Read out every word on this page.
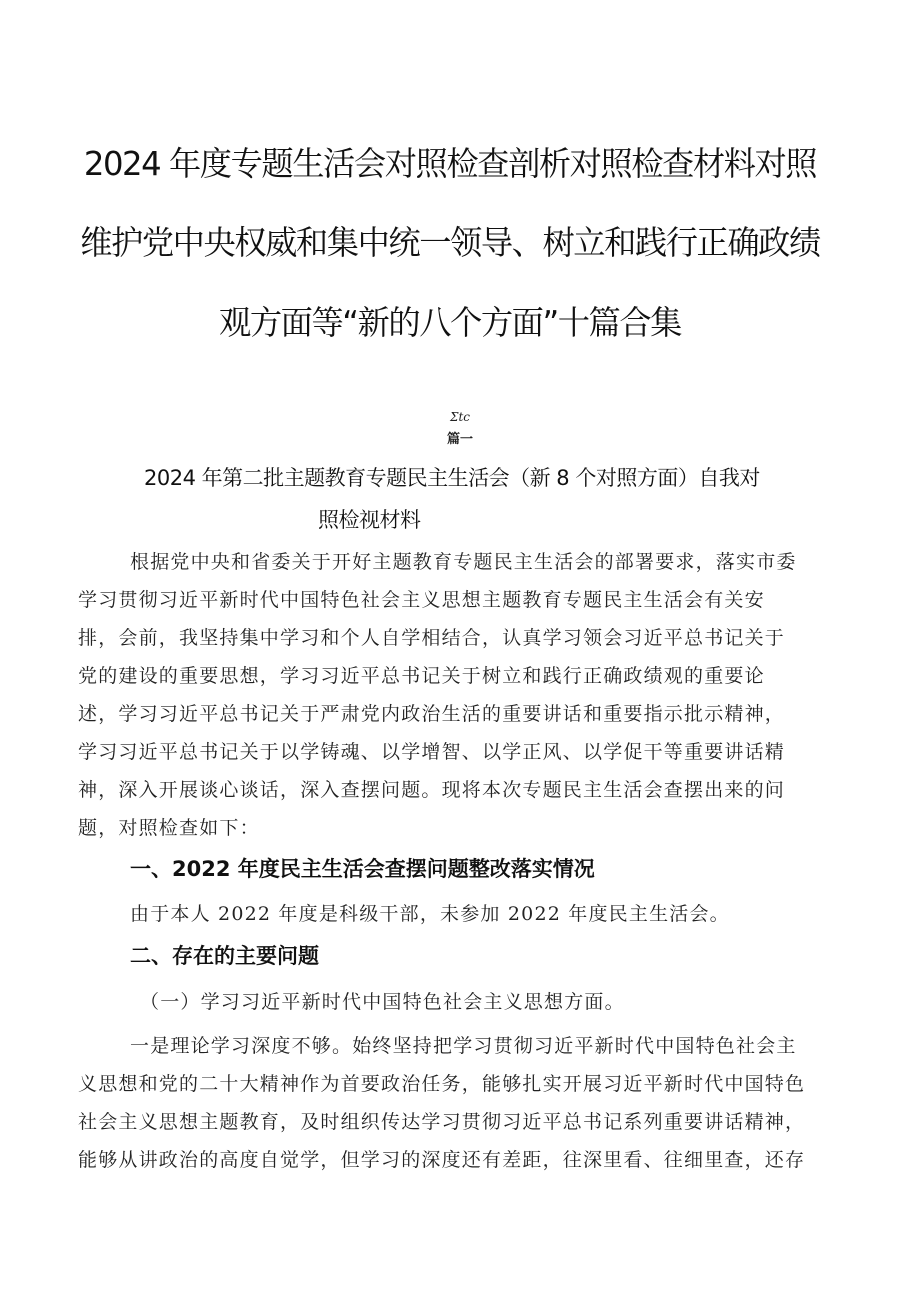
2024 年度专题生活会对照检查剖析对照检查材料对照
维护党中央权威和集中统一领导、树立和践行正确政绩
观方面等“新的八个方面”十篇合集
Σtc
篇一
2024 年第二批主题教育专题民主生活会（新 8 个对照方面）自我对
照检视材料

根据党中央和省委关于开好主题教育专题民主生活会的部署要求，落实市委

学习贯彻习近平新时代中国特色社会主义思想主题教育专题民主生活会有关安

排，会前，我坚持集中学习和个人自学相结合，认真学习领会习近平总书记关于

党的建设的重要思想，学习习近平总书记关于树立和践行正确政绩观的重要论

述，学习习近平总书记关于严肃党内政治生活的重要讲话和重要指示批示精神，

学习习近平总书记关于以学铸魂、以学增智、以学正风、以学促干等重要讲话精

神，深入开展谈心谈话，深入查摆问题。现将本次专题民主生活会查摆出来的问

题，对照检查如下：

一、2022 年度民主生活会查摆问题整改落实情况

由于本人 2022 年度是科级干部，未参加 2022 年度民主生活会。

二、存在的主要问题

（一）学习习近平新时代中国特色社会主义思想方面。

一是理论学习深度不够。始终坚持把学习贯彻习近平新时代中国特色社会主

义思想和党的二十大精神作为首要政治任务，能够扎实开展习近平新时代中国特色

社会主义思想主题教育，及时组织传达学习贯彻习近平总书记系列重要讲话精神，

能够从讲政治的高度自觉学，但学习的深度还有差距，往深里看、往细里查，还存
